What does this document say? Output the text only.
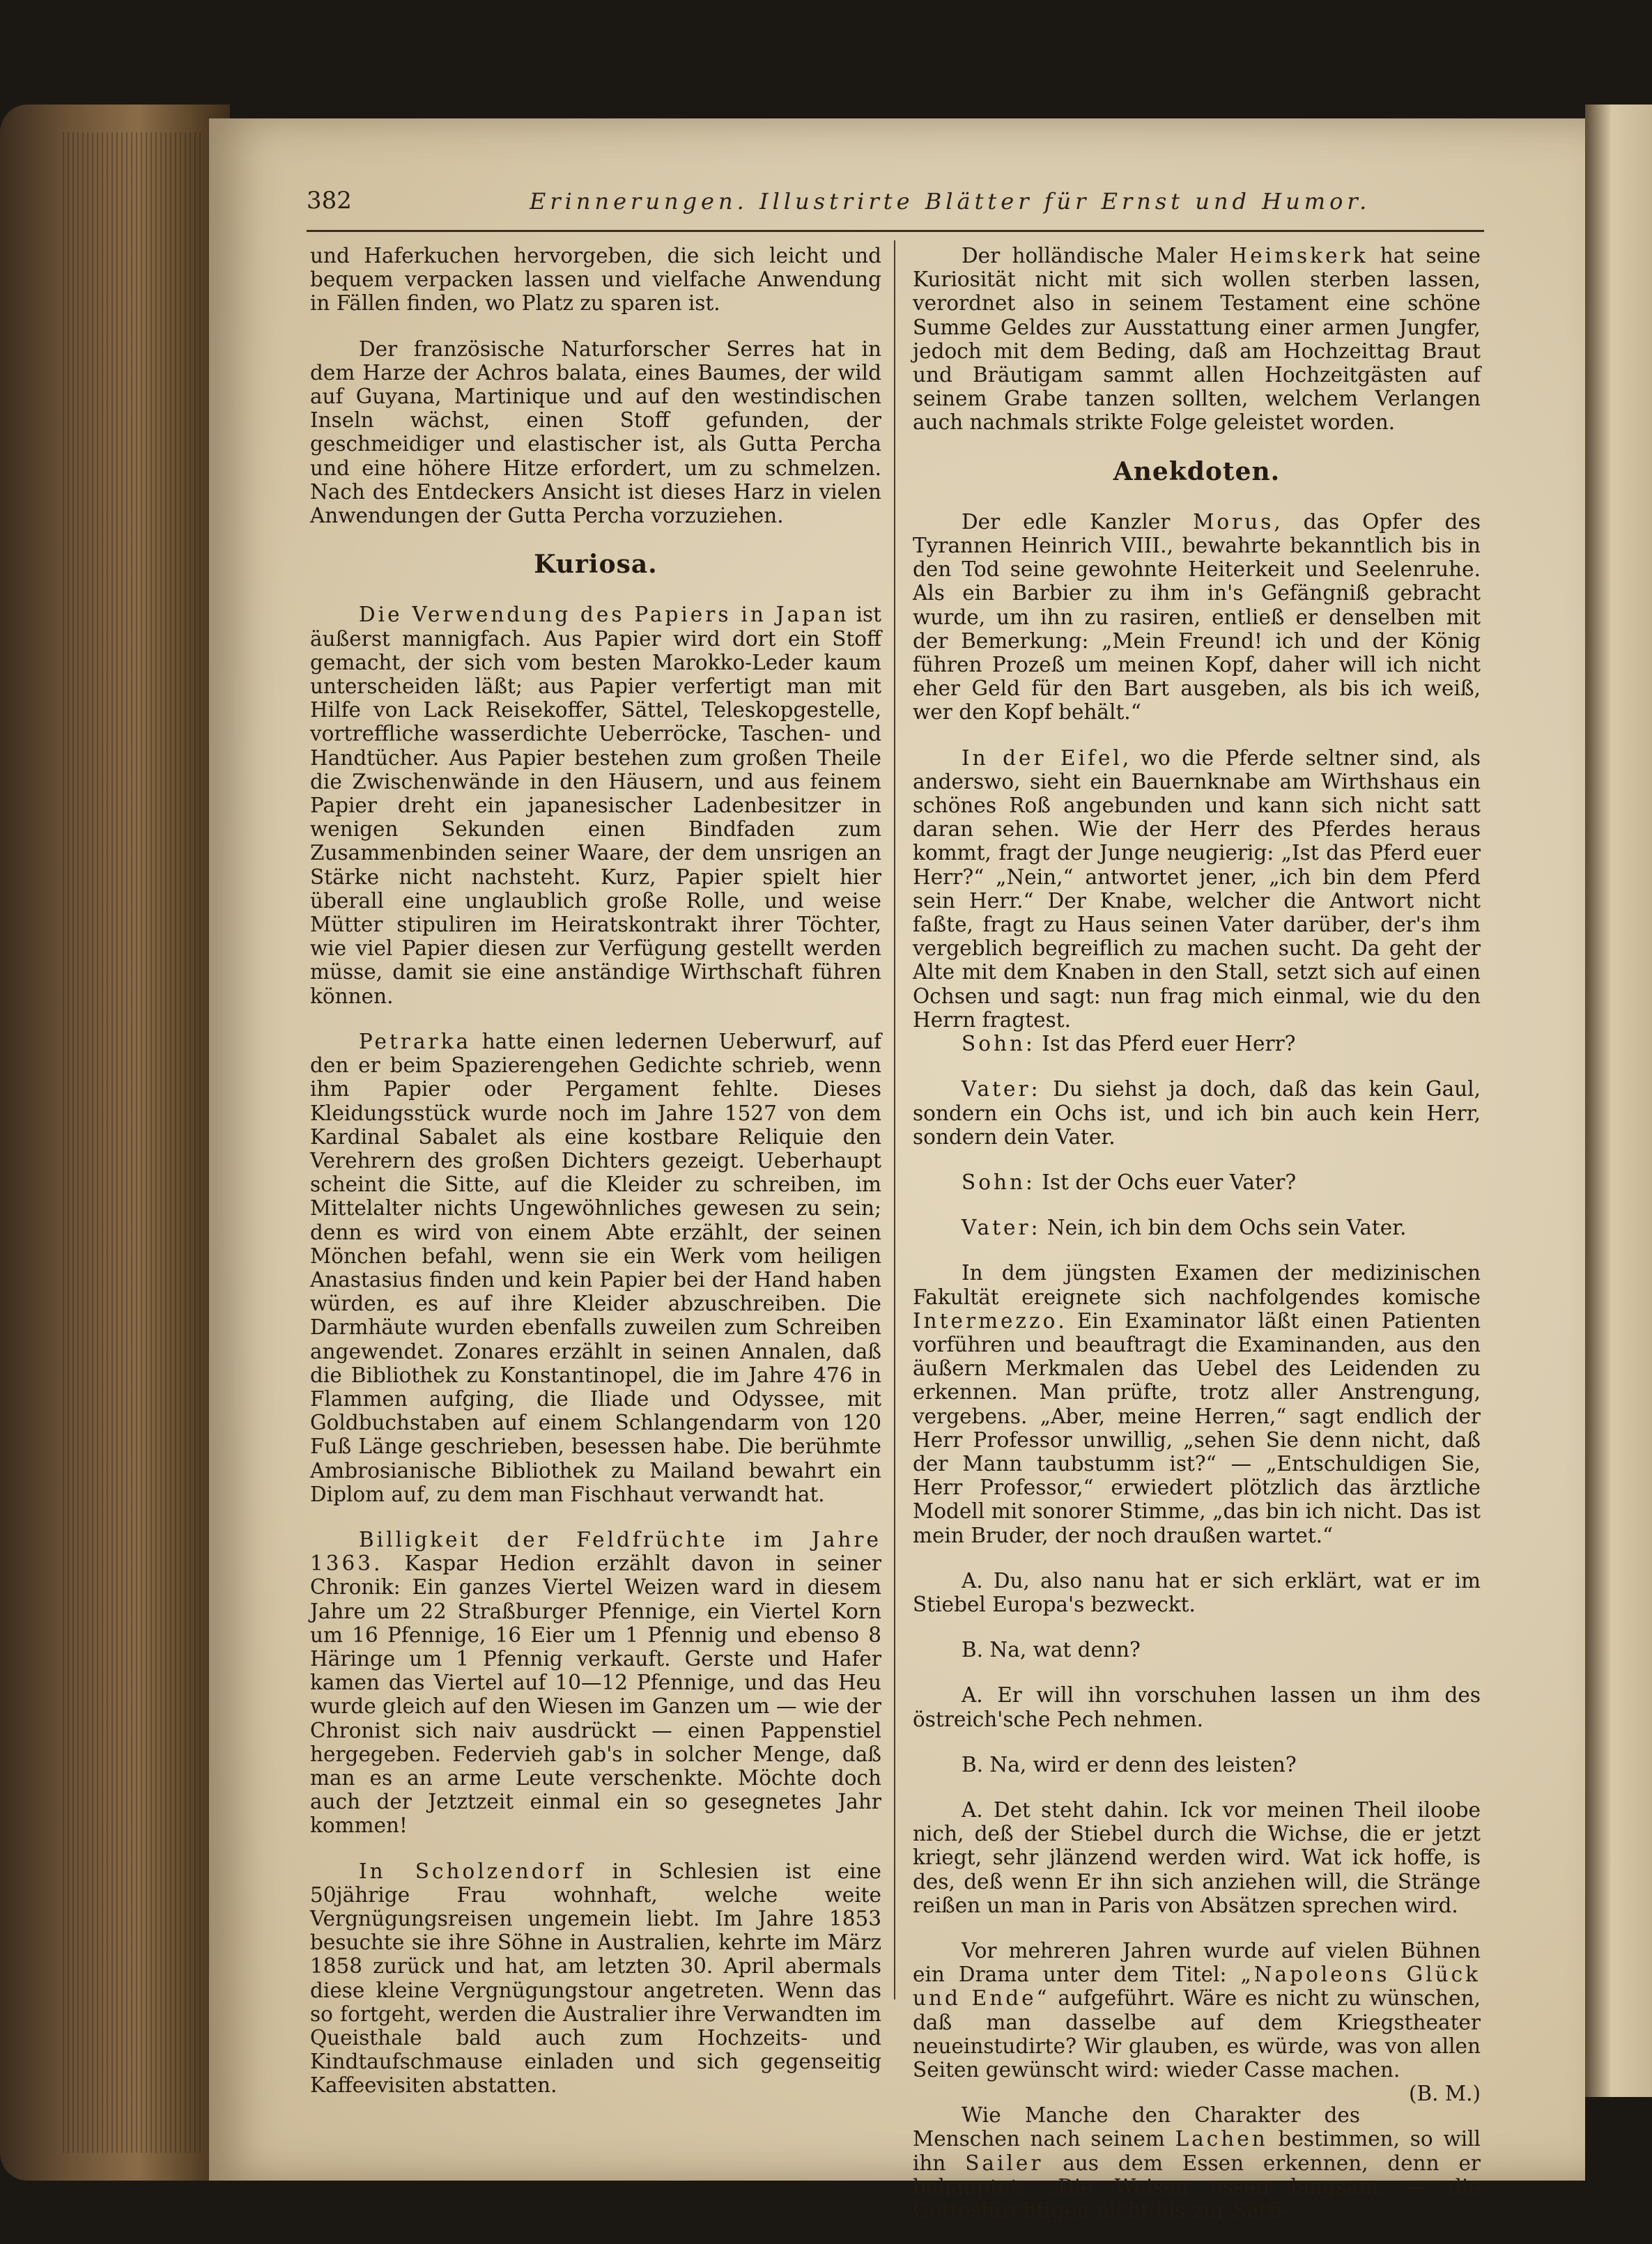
382	Erinnerungen. Illustrirte Blätter für Ernst und Humor.

und Haferkuchen hervorgeben, die sich leicht und bequem verpacken lassen und vielfache Anwendung in Fällen finden, wo Platz zu sparen ist.

Der französische Naturforscher Serres hat in dem Harze der Achros balata, eines Baumes, der wild auf Guyana, Martinique und auf den westindischen Inseln wächst, einen Stoff gefunden, der geschmeidiger und elastischer ist, als Gutta Percha und eine höhere Hitze erfordert, um zu schmelzen. Nach des Entdeckers Ansicht ist dieses Harz in vielen Anwendungen der Gutta Percha vorzuziehen.

Kuriosa.

Die Verwendung des Papiers in Japan ist äußerst mannigfach. Aus Papier wird dort ein Stoff gemacht, der sich vom besten Marokko-Leder kaum unterscheiden läßt; aus Papier verfertigt man mit Hilfe von Lack Reisekoffer, Sättel, Teleskopgestelle, vortreffliche wasserdichte Ueberröcke, Taschen- und Handtücher. Aus Papier bestehen zum großen Theile die Zwischenwände in den Häusern, und aus feinem Papier dreht ein japanesischer Ladenbesitzer in wenigen Sekunden einen Bindfaden zum Zusammenbinden seiner Waare, der dem unsrigen an Stärke nicht nachsteht. Kurz, Papier spielt hier überall eine unglaublich große Rolle, und weise Mütter stipuliren im Heiratskontrakt ihrer Töchter, wie viel Papier diesen zur Verfügung gestellt werden müsse, damit sie eine anständige Wirthschaft führen können.

Petrarka hatte einen ledernen Ueberwurf, auf den er beim Spazierengehen Gedichte schrieb, wenn ihm Papier oder Pergament fehlte. Dieses Kleidungsstück wurde noch im Jahre 1527 von dem Kardinal Sabalet als eine kostbare Reliquie den Verehrern des großen Dichters gezeigt. Ueberhaupt scheint die Sitte, auf die Kleider zu schreiben, im Mittelalter nichts Ungewöhnliches gewesen zu sein; denn es wird von einem Abte erzählt, der seinen Mönchen befahl, wenn sie ein Werk vom heiligen Anastasius finden und kein Papier bei der Hand haben würden, es auf ihre Kleider abzuschreiben. Die Darmhäute wurden ebenfalls zuweilen zum Schreiben angewendet. Zonares erzählt in seinen Annalen, daß die Bibliothek zu Konstantinopel, die im Jahre 476 in Flammen aufging, die Iliade und Odyssee, mit Goldbuchstaben auf einem Schlangendarm von 120 Fuß Länge geschrieben, besessen habe. Die berühmte Ambrosianische Bibliothek zu Mailand bewahrt ein Diplom auf, zu dem man Fischhaut verwandt hat.

Billigkeit der Feldfrüchte im Jahre 1363. Kaspar Hedion erzählt davon in seiner Chronik: Ein ganzes Viertel Weizen ward in diesem Jahre um 22 Straßburger Pfennige, ein Viertel Korn um 16 Pfennige, 16 Eier um 1 Pfennig und ebenso 8 Häringe um 1 Pfennig verkauft. Gerste und Hafer kamen das Viertel auf 10—12 Pfennige, und das Heu wurde gleich auf den Wiesen im Ganzen um — wie der Chronist sich naiv ausdrückt — einen Pappenstiel hergegeben. Federvieh gab's in solcher Menge, daß man es an arme Leute verschenkte. Möchte doch auch der Jetztzeit einmal ein so gesegnetes Jahr kommen!

In Scholzendorf in Schlesien ist eine 50jährige Frau wohnhaft, welche weite Vergnügungsreisen ungemein liebt. Im Jahre 1853 besuchte sie ihre Söhne in Australien, kehrte im März 1858 zurück und hat, am letzten 30. April abermals diese kleine Vergnügungstour angetreten. Wenn das so fortgeht, werden die Australier ihre Verwandten im Queisthale bald auch zum Hochzeits- und Kindtaufschmause einladen und sich gegenseitig Kaffeevisiten abstatten.

Der holländische Maler Heimskerk hat seine Kuriosität nicht mit sich wollen sterben lassen, verordnet also in seinem Testament eine schöne Summe Geldes zur Ausstattung einer armen Jungfer, jedoch mit dem Beding, daß am Hochzeittag Braut und Bräutigam sammt allen Hochzeitgästen auf seinem Grabe tanzen sollten, welchem Verlangen auch nachmals strikte Folge geleistet worden.

Anekdoten.

Der edle Kanzler Morus, das Opfer des Tyrannen Heinrich VIII., bewahrte bekanntlich bis in den Tod seine gewohnte Heiterkeit und Seelenruhe. Als ein Barbier zu ihm in's Gefängniß gebracht wurde, um ihn zu rasiren, entließ er denselben mit der Bemerkung: „Mein Freund! ich und der König führen Prozeß um meinen Kopf, daher will ich nicht eher Geld für den Bart ausgeben, als bis ich weiß, wer den Kopf behält.“

In der Eifel, wo die Pferde seltner sind, als anderswo, sieht ein Bauernknabe am Wirthshaus ein schönes Roß angebunden und kann sich nicht satt daran sehen. Wie der Herr des Pferdes heraus kommt, fragt der Junge neugierig: „Ist das Pferd euer Herr?“ „Nein,“ antwortet jener, „ich bin dem Pferd sein Herr.“ Der Knabe, welcher die Antwort nicht faßte, fragt zu Haus seinen Vater darüber, der's ihm vergeblich begreiflich zu machen sucht. Da geht der Alte mit dem Knaben in den Stall, setzt sich auf einen Ochsen und sagt: nun frag mich einmal, wie du den Herrn fragtest.

Sohn: Ist das Pferd euer Herr?

Vater: Du siehst ja doch, daß das kein Gaul, sondern ein Ochs ist, und ich bin auch kein Herr, sondern dein Vater.

Sohn: Ist der Ochs euer Vater?

Vater: Nein, ich bin dem Ochs sein Vater.

In dem jüngsten Examen der medizinischen Fakultät ereignete sich nachfolgendes komische Intermezzo. Ein Examinator läßt einen Patienten vorführen und beauftragt die Examinanden, aus den äußern Merkmalen das Uebel des Leidenden zu erkennen. Man prüfte, trotz aller Anstrengung, vergebens. „Aber, meine Herren,“ sagt endlich der Herr Professor unwillig, „sehen Sie denn nicht, daß der Mann taubstumm ist?“ — „Entschuldigen Sie, Herr Professor,“ erwiedert plötzlich das ärztliche Modell mit sonorer Stimme, „das bin ich nicht. Das ist mein Bruder, der noch draußen wartet.“

A. Du, also nanu hat er sich erklärt, wat er im Stiebel Europa's bezweckt.

B. Na, wat denn?

A. Er will ihn vorschuhen lassen un ihm des östreich'sche Pech nehmen.

B. Na, wird er denn des leisten?

A. Det steht dahin. Ick vor meinen Theil iloobe nich, deß der Stiebel durch die Wichse, die er jetzt kriegt, sehr jlänzend werden wird. Wat ick hoffe, is des, deß wenn Er ihn sich anziehen will, die Stränge reißen un man in Paris von Absätzen sprechen wird.

Vor mehreren Jahren wurde auf vielen Bühnen ein Drama unter dem Titel: „Napoleons Glück und Ende“ aufgeführt. Wäre es nicht zu wünschen, daß man dasselbe auf dem Kriegstheater neueinstudirte? Wir glauben, es würde, was von allen Seiten gewünscht wird: wieder Casse machen.
(B. M.)

Wie Manche den Charakter des Menschen nach seinem Lachen bestimmen, so will ihn Sailer aus dem Essen erkennen, denn er behauptet: „Die Weisen essen langsam; — die Gottesfürchtigen nicht bis zur Sätti-
